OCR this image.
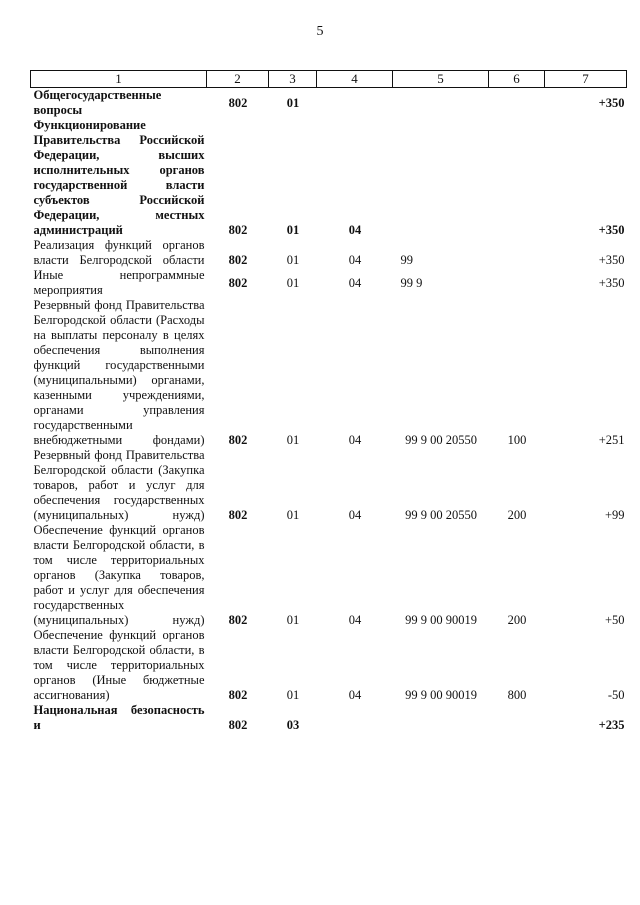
5
1	2	3	4	5	6	7
Общегосударственные вопросы	802	01				+350
Функционирование Правительства Российской Федерации, высших исполнительных органов государственной власти субъектов Российской Федерации, местных администраций	802	01	04			+350
Реализация функций органов власти Белгородской области	802	01	04	99		+350
Иные непрограммные мероприятия	802	01	04	99 9		+350
Резервный фонд Правительства Белгородской области (Расходы на выплаты персоналу в целях обеспечения выполнения функций государственными (муниципальными) органами, казенными учреждениями, органами управления государственными внебюджетными фондами)	802	01	04	99 9 00 20550	100	+251
Резервный фонд Правительства Белгородской области (Закупка товаров, работ и услуг для обеспечения государственных (муниципальных) нужд)	802	01	04	99 9 00 20550	200	+99
Обеспечение функций органов власти Белгородской области, в том числе территориальных органов (Закупка товаров, работ и услуг для обеспечения государственных (муниципальных) нужд)	802	01	04	99 9 00 90019	200	+50
Обеспечение функций органов власти Белгородской области, в том числе территориальных органов (Иные бюджетные ассигнования)	802	01	04	99 9 00 90019	800	-50
Национальная безопасность и	802	03				+235
